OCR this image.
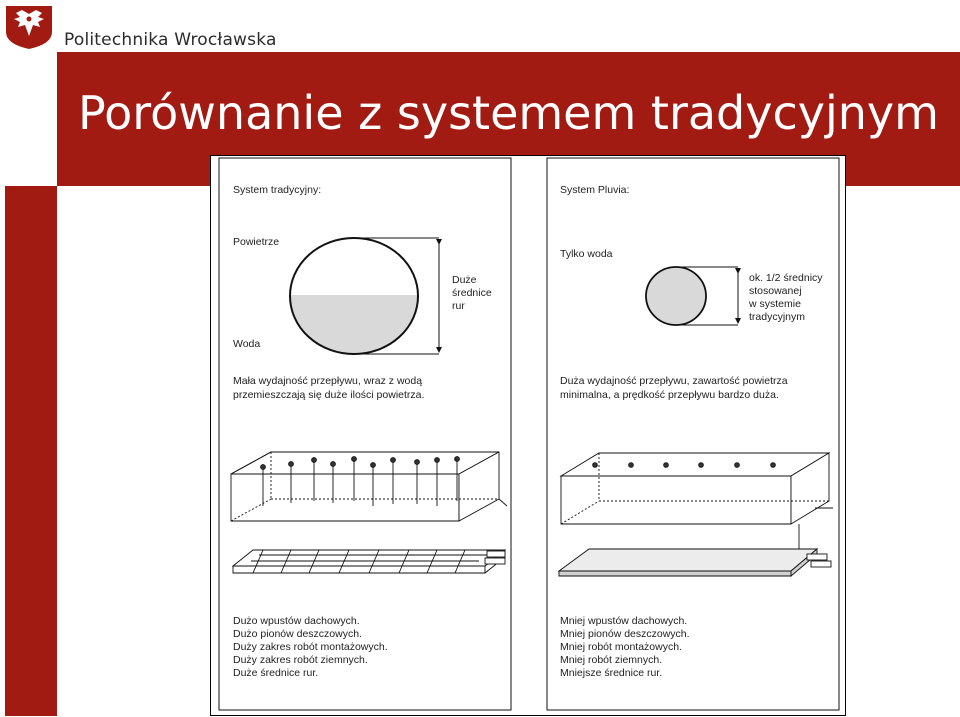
Politechnika Wrocławska
Porównanie z systemem tradycyjnym
System tradycyjny:
Powietrze
Woda
Duże
średnice
rur
Mała wydajność przepływu, wraz z wodą
przemieszczają się duże ilości powietrza.
Dużo wpustów dachowych.
Dużo pionów deszczowych.
Duży zakres robót montażowych.
Duży zakres robót ziemnych.
Duże średnice rur.
System Pluvia:
Tylko woda
ok. 1/2 średnicy
stosowanej
w systemie
tradycyjnym
Duża wydajność przepływu, zawartość powietrza
minimalna, a prędkość przepływu bardzo duża.
Mniej wpustów dachowych.
Mniej pionów deszczowych.
Mniej robót montażowych.
Mniej robót ziemnych.
Mniejsze średnice rur.
